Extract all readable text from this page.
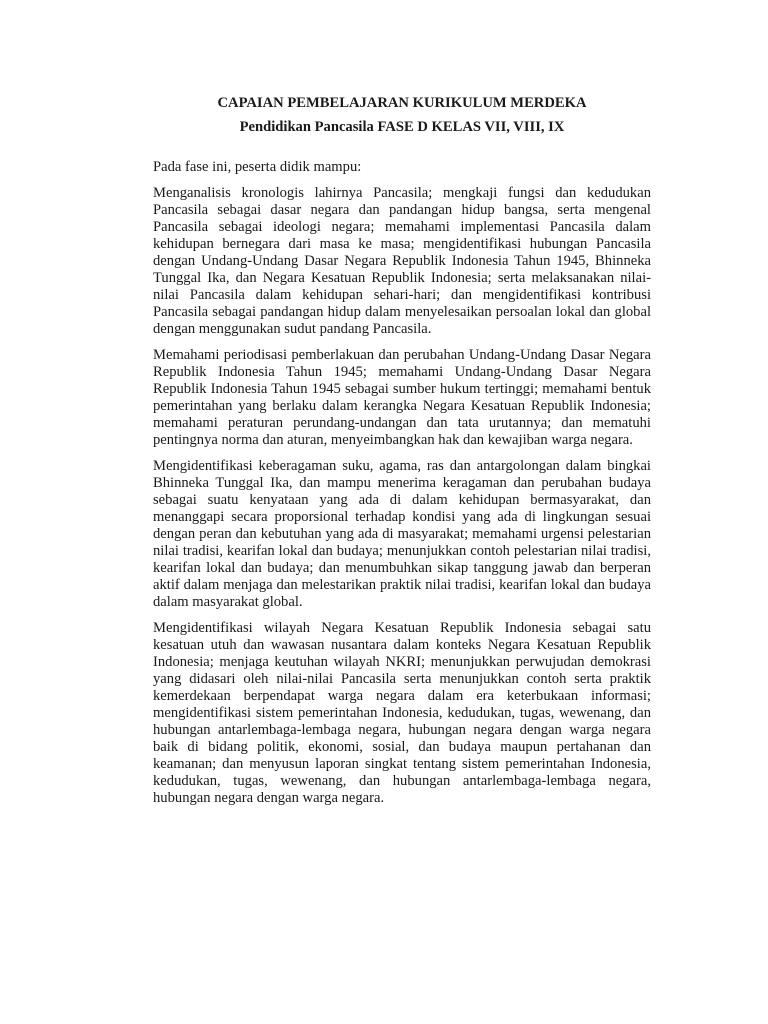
CAPAIAN PEMBELAJARAN KURIKULUM MERDEKA
Pendidikan Pancasila FASE D KELAS VII, VIII, IX

Pada fase ini, peserta didik mampu:

Menganalisis kronologis lahirnya Pancasila; mengkaji fungsi dan kedudukan Pancasila sebagai dasar negara dan pandangan hidup bangsa, serta mengenal Pancasila sebagai ideologi negara; memahami implementasi Pancasila dalam kehidupan bernegara dari masa ke masa; mengidentifikasi hubungan Pancasila dengan Undang-Undang Dasar Negara Republik Indonesia Tahun 1945, Bhinneka Tunggal Ika, dan Negara Kesatuan Republik Indonesia; serta melaksanakan nilai-nilai Pancasila dalam kehidupan sehari-hari; dan mengidentifikasi kontribusi Pancasila sebagai pandangan hidup dalam menyelesaikan persoalan lokal dan global dengan menggunakan sudut pandang Pancasila.

Memahami periodisasi pemberlakuan dan perubahan Undang-Undang Dasar Negara Republik Indonesia Tahun 1945; memahami Undang-Undang Dasar Negara Republik Indonesia Tahun 1945 sebagai sumber hukum tertinggi; memahami bentuk pemerintahan yang berlaku dalam kerangka Negara Kesatuan Republik Indonesia; memahami peraturan perundang-undangan dan tata urutannya; dan mematuhi pentingnya norma dan aturan, menyeimbangkan hak dan kewajiban warga negara.

Mengidentifikasi keberagaman suku, agama, ras dan antargolongan dalam bingkai Bhinneka Tunggal Ika, dan mampu menerima keragaman dan perubahan budaya sebagai suatu kenyataan yang ada di dalam kehidupan bermasyarakat, dan menanggapi secara proporsional terhadap kondisi yang ada di lingkungan sesuai dengan peran dan kebutuhan yang ada di masyarakat; memahami urgensi pelestarian nilai tradisi, kearifan lokal dan budaya; menunjukkan contoh pelestarian nilai tradisi, kearifan lokal dan budaya; dan menumbuhkan sikap tanggung jawab dan berperan aktif dalam menjaga dan melestarikan praktik nilai tradisi, kearifan lokal dan budaya dalam masyarakat global.

Mengidentifikasi wilayah Negara Kesatuan Republik Indonesia sebagai satu kesatuan utuh dan wawasan nusantara dalam konteks Negara Kesatuan Republik Indonesia; menjaga keutuhan wilayah NKRI; menunjukkan perwujudan demokrasi yang didasari oleh nilai-nilai Pancasila serta menunjukkan contoh serta praktik kemerdekaan berpendapat warga negara dalam era keterbukaan informasi; mengidentifikasi sistem pemerintahan Indonesia, kedudukan, tugas, wewenang, dan hubungan antarlembaga-lembaga negara, hubungan negara dengan warga negara baik di bidang politik, ekonomi, sosial, dan budaya maupun pertahanan dan keamanan; dan menyusun laporan singkat tentang sistem pemerintahan Indonesia, kedudukan, tugas, wewenang, dan hubungan antarlembaga-lembaga negara, hubungan negara dengan warga negara.
